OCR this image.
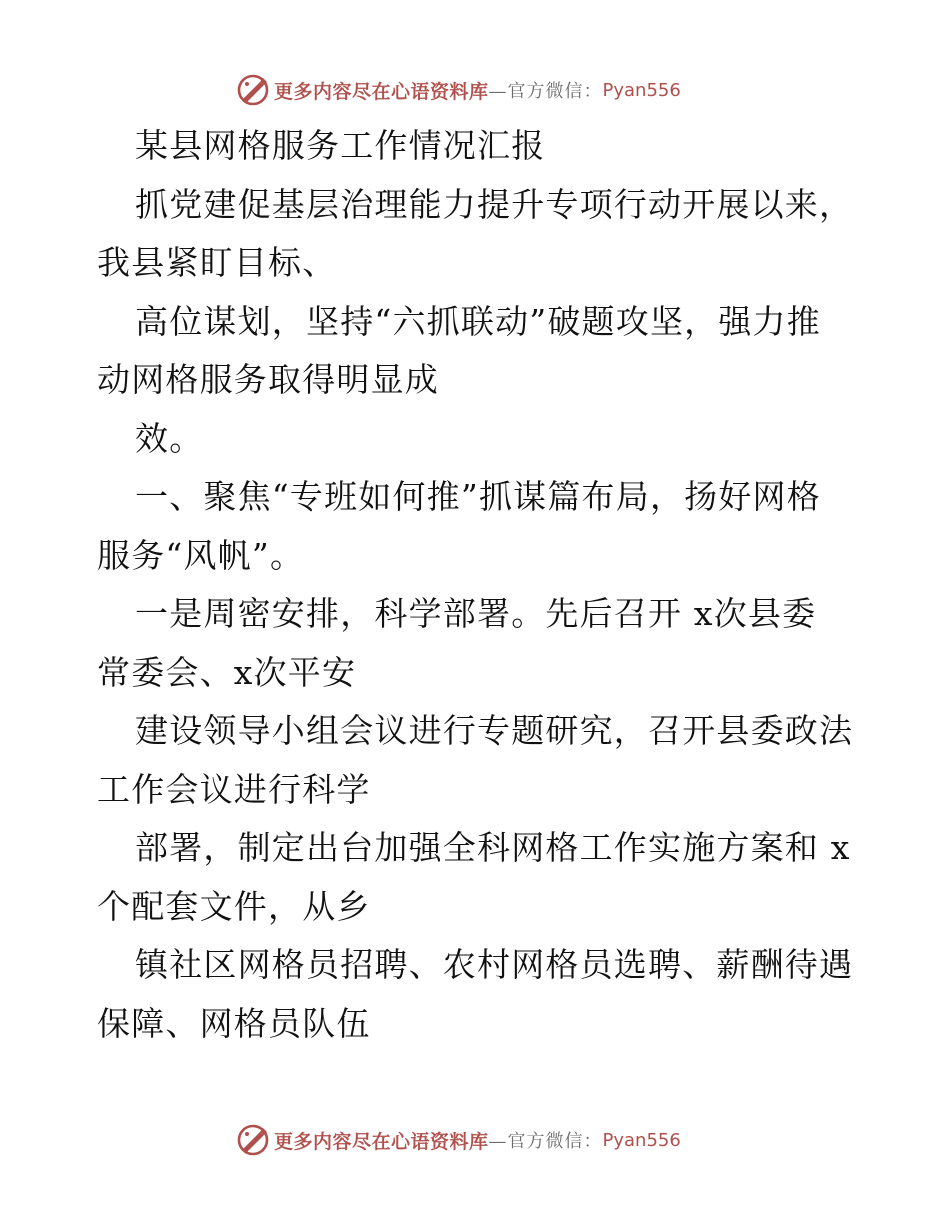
更多内容尽在心语资料库 —官方微信： Pyan556
某县网格服务工作情况汇报
抓党建促基层治理能力提升专项行动开展以来，
我县紧盯目标、
高位谋划，坚持“六抓联动”破题攻坚，强力推
动网格服务取得明显成
效。
一、聚焦“专班如何推”抓谋篇布局，扬好网格
服务“风帆”。
一是周密安排，科学部署。先后召开 x次县委
常委会、x次平安
建设领导小组会议进行专题研究，召开县委政法
工作会议进行科学
部署，制定出台加强全科网格工作实施方案和 x
个配套文件，从乡
镇社区网格员招聘、农村网格员选聘、薪酬待遇
保障、网格员队伍
更多内容尽在心语资料库 —官方微信： Pyan556
